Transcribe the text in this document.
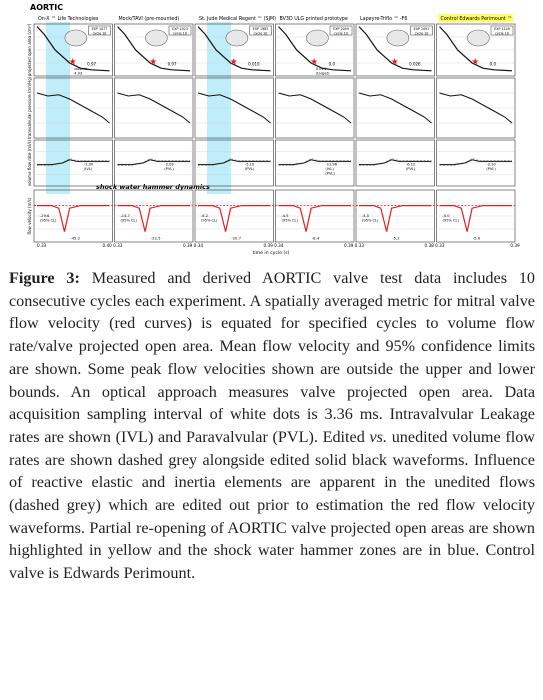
AORTIC
shock water hammer dynamics
projected open area (cm²)
transvalvular pressure (mmHg)
volume flow rate (ml/s)
flow velocity (m/s)
On-X ™ Life Technologies
★	0.97
EXP 1077
cycle 10
closure
4.03
-2.00
(IVL)
-29.6
(95% CL)
-45.2
Mock/TAVI (pre-mounted)
★	0.97
EXP 1923
cycle 10
-2.09
(PVL)
-14.7
(95% CL)
-22.5
St. Jude Medical Regent ™ (SJM)
★	0.010
EXP 1983
cycle 10
-5.10
(PVL)
-6.2
(95% CL)
-20.7
BV3D ULG printed prototype
★	0.0
EXP 2059
cycle 10
0.014
(target)
-11.96
(IVL)
(PVL)
-4.5
(95% CL)
-8.4
Lapeyre-Triflo ™ -F6
★	0.026
EXP 2091
cycle 10
-6.12
(PVL)
-4.5
(95% CL)
-5.2
Control Edwards Perimount ™
★	0.0
EXP 1149
cycle 10
-2.10
(PVL)
-5.0
(95% CL)
-5.0
0.33	0.40 0.33	0.39 0.34	0.39 0.34	0.39 0.33	0.38 0.33	0.39
time in cycle (s)
Figure 3: Measured and derived AORTIC valve test data includes 10 consecutive cycles each experiment. A spatially averaged metric for mitral valve flow velocity (red curves) is equated for specified cycles to volume flow rate/valve projected open area. Mean flow velocity and 95% confidence limits are shown. Some peak flow velocities shown are outside the upper and lower bounds. An optical approach measures valve projected open area. Data acquisition sampling interval of white dots is 3.36 ms. Intravalvular Leakage rates are shown (IVL) and Paravalvular (PVL). Edited vs. unedited volume flow rates are shown dashed grey alongside edited solid black waveforms. Influence of reactive elastic and inertia elements are apparent in the unedited flows (dashed grey) which are edited out prior to estimation the red flow velocity waveforms. Partial re-opening of AORTIC valve projected open areas are shown highlighted in yellow and the shock water hammer zones are in blue. Control valve is Edwards Perimount.
